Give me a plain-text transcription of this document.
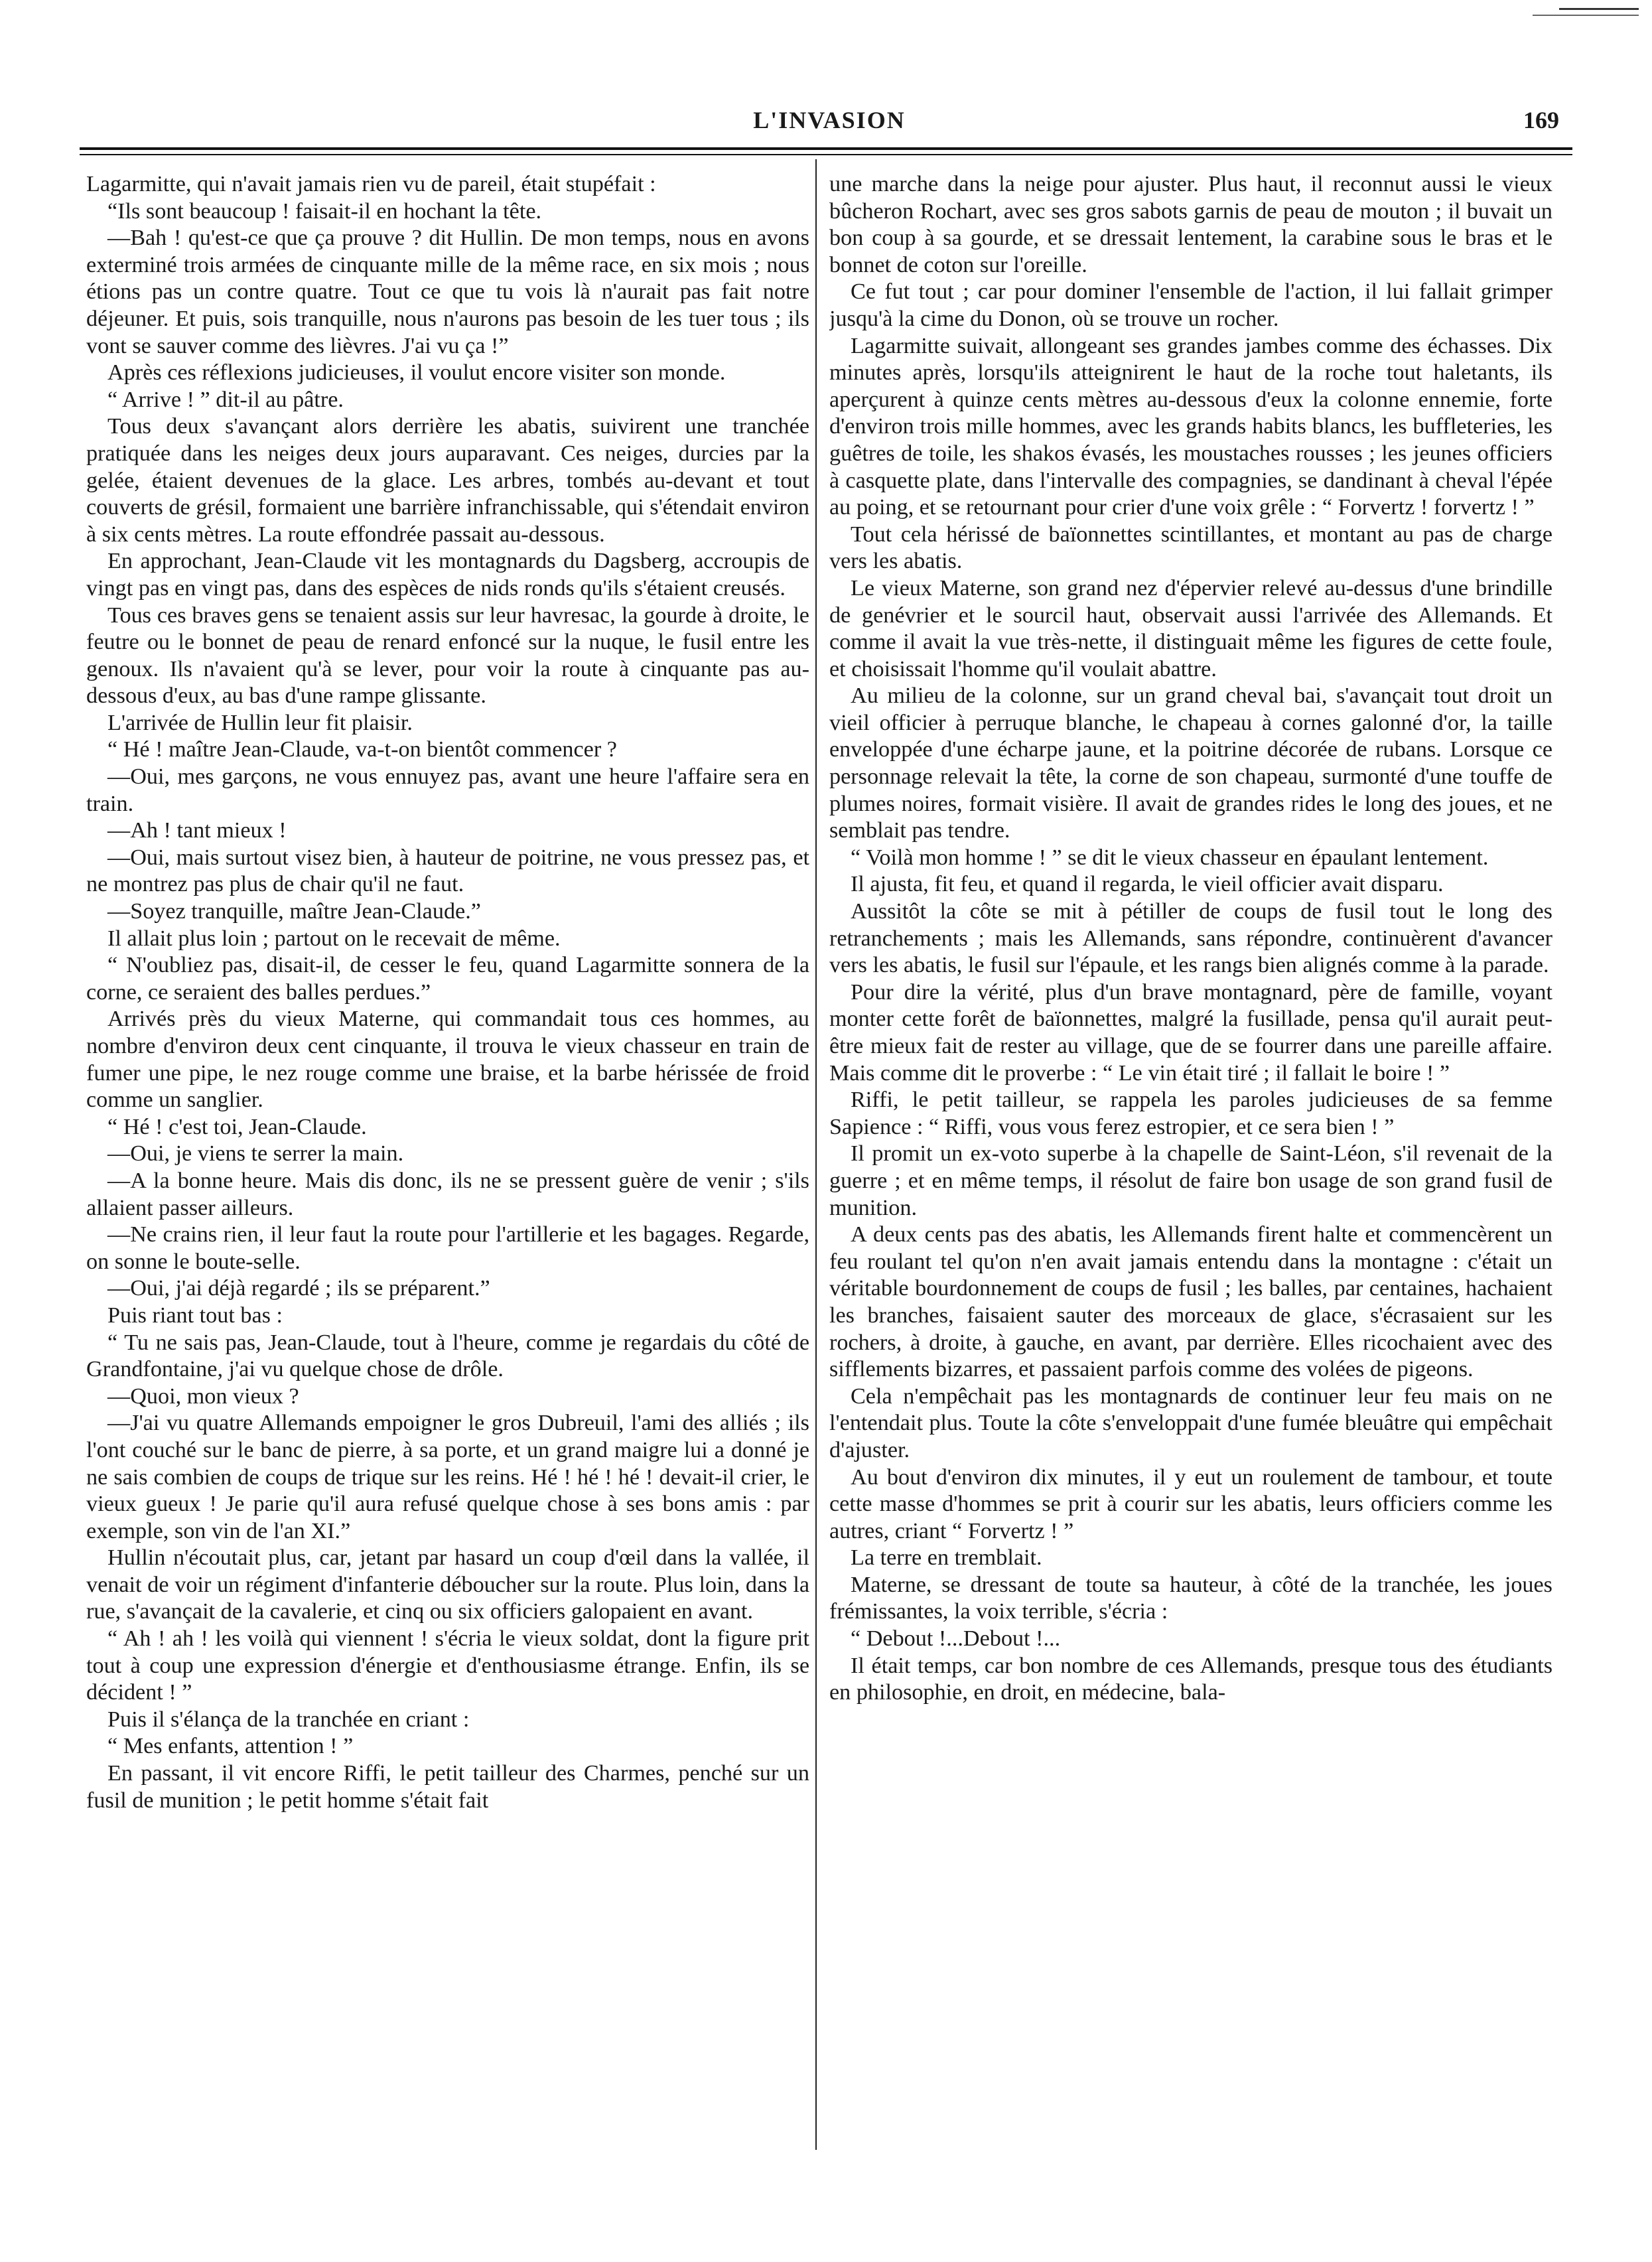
L'INVASION	169

Lagarmitte, qui n'avait jamais rien vu de pareil, était stupéfait :

“Ils sont beaucoup ! faisait-il en hochant la tête.

—Bah ! qu'est-ce que ça prouve ? dit Hullin. De mon temps, nous en avons exterminé trois armées de cinquante mille de la même race, en six mois ; nous étions pas un contre quatre. Tout ce que tu vois là n'aurait pas fait notre déjeuner. Et puis, sois tranquille, nous n'aurons pas besoin de les tuer tous ; ils vont se sauver comme des lièvres. J'ai vu ça !”

Après ces réflexions judicieuses, il voulut encore visiter son monde.

“ Arrive ! ” dit-il au pâtre.

Tous deux s'avançant alors derrière les abatis, suivirent une tranchée pratiquée dans les neiges deux jours auparavant. Ces neiges, durcies par la gelée, étaient devenues de la glace. Les arbres, tombés au-devant et tout couverts de grésil, formaient une barrière infranchissable, qui s'étendait environ à six cents mètres. La route effondrée passait au-dessous.

En approchant, Jean-Claude vit les montagnards du Dagsberg, accroupis de vingt pas en vingt pas, dans des espèces de nids ronds qu'ils s'étaient creusés.

Tous ces braves gens se tenaient assis sur leur havresac, la gourde à droite, le feutre ou le bonnet de peau de renard enfoncé sur la nuque, le fusil entre les genoux. Ils n'avaient qu'à se lever, pour voir la route à cinquante pas au-dessous d'eux, au bas d'une rampe glissante.

L'arrivée de Hullin leur fit plaisir.

“ Hé ! maître Jean-Claude, va-t-on bientôt commencer ?

—Oui, mes garçons, ne vous ennuyez pas, avant une heure l'affaire sera en train.

—Ah ! tant mieux !

—Oui, mais surtout visez bien, à hauteur de poitrine, ne vous pressez pas, et ne montrez pas plus de chair qu'il ne faut.

—Soyez tranquille, maître Jean-Claude.”

Il allait plus loin ; partout on le recevait de même.

“ N'oubliez pas, disait-il, de cesser le feu, quand Lagarmitte sonnera de la corne, ce seraient des balles perdues.”

Arrivés près du vieux Materne, qui commandait tous ces hommes, au nombre d'environ deux cent cinquante, il trouva le vieux chasseur en train de fumer une pipe, le nez rouge comme une braise, et la barbe hérissée de froid comme un sanglier.

“ Hé ! c'est toi, Jean-Claude.

—Oui, je viens te serrer la main.

—A la bonne heure. Mais dis donc, ils ne se pressent guère de venir ; s'ils allaient passer ailleurs.

—Ne crains rien, il leur faut la route pour l'artillerie et les bagages. Regarde, on sonne le boute-selle.

—Oui, j'ai déjà regardé ; ils se préparent.”

Puis riant tout bas :

“ Tu ne sais pas, Jean-Claude, tout à l'heure, comme je regardais du côté de Grandfontaine, j'ai vu quelque chose de drôle.

—Quoi, mon vieux ?

—J'ai vu quatre Allemands empoigner le gros Dubreuil, l'ami des alliés ; ils l'ont couché sur le banc de pierre, à sa porte, et un grand maigre lui a donné je ne sais combien de coups de trique sur les reins. Hé ! hé ! hé ! devait-il crier, le vieux gueux ! Je parie qu'il aura refusé quelque chose à ses bons amis : par exemple, son vin de l'an XI.”

Hullin n'écoutait plus, car, jetant par hasard un coup d'œil dans la vallée, il venait de voir un régiment d'infanterie déboucher sur la route. Plus loin, dans la rue, s'avançait de la cavalerie, et cinq ou six officiers galopaient en avant.

“ Ah ! ah ! les voilà qui viennent ! s'écria le vieux soldat, dont la figure prit tout à coup une expression d'énergie et d'enthousiasme étrange. Enfin, ils se décident ! ”

Puis il s'élança de la tranchée en criant :

“ Mes enfants, attention ! ”

En passant, il vit encore Riffi, le petit tailleur des Charmes, penché sur un fusil de munition ; le petit homme s'était fait

une marche dans la neige pour ajuster. Plus haut, il reconnut aussi le vieux bûcheron Rochart, avec ses gros sabots garnis de peau de mouton ; il buvait un bon coup à sa gourde, et se dressait lentement, la carabine sous le bras et le bonnet de coton sur l'oreille.

Ce fut tout ; car pour dominer l'ensemble de l'action, il lui fallait grimper jusqu'à la cime du Donon, où se trouve un rocher.

Lagarmitte suivait, allongeant ses grandes jambes comme des échasses. Dix minutes après, lorsqu'ils atteignirent le haut de la roche tout haletants, ils aperçurent à quinze cents mètres au-dessous d'eux la colonne ennemie, forte d'environ trois mille hommes, avec les grands habits blancs, les buffleteries, les guêtres de toile, les shakos évasés, les moustaches rousses ; les jeunes officiers à casquette plate, dans l'intervalle des compagnies, se dandinant à cheval l'épée au poing, et se retournant pour crier d'une voix grêle : “ Forvertz ! forvertz ! ”

Tout cela hérissé de baïonnettes scintillantes, et montant au pas de charge vers les abatis.

Le vieux Materne, son grand nez d'épervier relevé au-dessus d'une brindille de genévrier et le sourcil haut, observait aussi l'arrivée des Allemands. Et comme il avait la vue très-nette, il distinguait même les figures de cette foule, et choisissait l'homme qu'il voulait abattre.

Au milieu de la colonne, sur un grand cheval bai, s'avançait tout droit un vieil officier à perruque blanche, le chapeau à cornes galonné d'or, la taille enveloppée d'une écharpe jaune, et la poitrine décorée de rubans. Lorsque ce personnage relevait la tête, la corne de son chapeau, surmonté d'une touffe de plumes noires, formait visière. Il avait de grandes rides le long des joues, et ne semblait pas tendre.

“ Voilà mon homme ! ” se dit le vieux chasseur en épaulant lentement.

Il ajusta, fit feu, et quand il regarda, le vieil officier avait disparu.

Aussitôt la côte se mit à pétiller de coups de fusil tout le long des retranchements ; mais les Allemands, sans répondre, continuèrent d'avancer vers les abatis, le fusil sur l'épaule, et les rangs bien alignés comme à la parade.

Pour dire la vérité, plus d'un brave montagnard, père de famille, voyant monter cette forêt de baïonnettes, malgré la fusillade, pensa qu'il aurait peut-être mieux fait de rester au village, que de se fourrer dans une pareille affaire. Mais comme dit le proverbe : “ Le vin était tiré ; il fallait le boire ! ”

Riffi, le petit tailleur, se rappela les paroles judicieuses de sa femme Sapience : “ Riffi, vous vous ferez estropier, et ce sera bien ! ”

Il promit un ex-voto superbe à la chapelle de Saint-Léon, s'il revenait de la guerre ; et en même temps, il résolut de faire bon usage de son grand fusil de munition.

A deux cents pas des abatis, les Allemands firent halte et commencèrent un feu roulant tel qu'on n'en avait jamais entendu dans la montagne : c'était un véritable bourdonnement de coups de fusil ; les balles, par centaines, hachaient les branches, faisaient sauter des morceaux de glace, s'écrasaient sur les rochers, à droite, à gauche, en avant, par derrière. Elles ricochaient avec des sifflements bizarres, et passaient parfois comme des volées de pigeons.

Cela n'empêchait pas les montagnards de continuer leur feu mais on ne l'entendait plus. Toute la côte s'enveloppait d'une fumée bleuâtre qui empêchait d'ajuster.

Au bout d'environ dix minutes, il y eut un roulement de tambour, et toute cette masse d'hommes se prit à courir sur les abatis, leurs officiers comme les autres, criant “ Forvertz ! ”

La terre en tremblait.

Materne, se dressant de toute sa hauteur, à côté de la tranchée, les joues frémissantes, la voix terrible, s'écria :

“ Debout !...Debout !...

Il était temps, car bon nombre de ces Allemands, presque tous des étudiants en philosophie, en droit, en médecine, bala-
